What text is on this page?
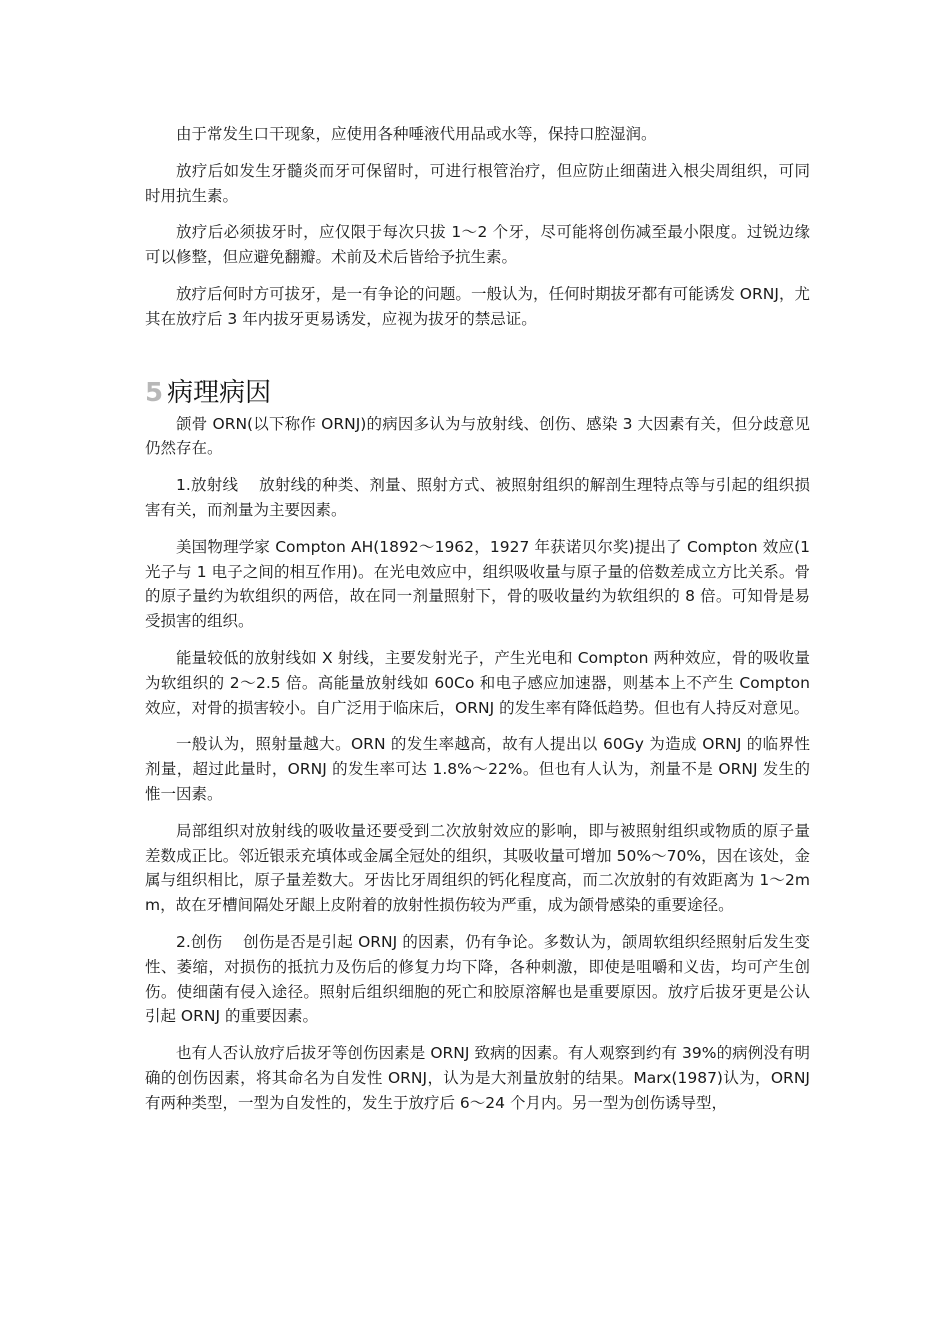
由于常发生口干现象，应使用各种唾液代用品或水等，保持口腔湿润。

放疗后如发生牙髓炎而牙可保留时，可进行根管治疗，但应防止细菌进入根尖周组织，可同时用抗生素。

放疗后必须拔牙时，应仅限于每次只拔 1～2 个牙，尽可能将创伤减至最小限度。过锐边缘可以修整，但应避免翻瓣。术前及术后皆给予抗生素。

放疗后何时方可拔牙，是一有争论的问题。一般认为，任何时期拔牙都有可能诱发 ORNJ，尤其在放疗后 3 年内拔牙更易诱发，应视为拔牙的禁忌证。

5 病理病因

颌骨 ORN(以下称作 ORNJ)的病因多认为与放射线、创伤、感染 3 大因素有关，但分歧意见仍然存在。

1.放射线　 放射线的种类、剂量、照射方式、被照射组织的解剖生理特点等与引起的组织损害有关，而剂量为主要因素。

美国物理学家 Compton AH(1892～1962，1927 年获诺贝尔奖)提出了 Compton 效应(1 光子与 1 电子之间的相互作用)。在光电效应中，组织吸收量与原子量的倍数差成立方比关系。骨的原子量约为软组织的两倍，故在同一剂量照射下，骨的吸收量约为软组织的 8 倍。可知骨是易受损害的组织。

能量较低的放射线如 X 射线，主要发射光子，产生光电和 Compton 两种效应，骨的吸收量为软组织的 2～2.5 倍。高能量放射线如 60Co 和电子感应加速器，则基本上不产生 Compton 效应，对骨的损害较小。自广泛用于临床后，ORNJ 的发生率有降低趋势。但也有人持反对意见。

一般认为，照射量越大。ORN 的发生率越高，故有人提出以 60Gy 为造成 ORNJ 的临界性剂量，超过此量时，ORNJ 的发生率可达 1.8%～22%。但也有人认为，剂量不是 ORNJ 发生的惟一因素。

局部组织对放射线的吸收量还要受到二次放射效应的影响，即与被照射组织或物质的原子量差数成正比。邻近银汞充填体或金属全冠处的组织，其吸收量可增加 50%～70%，因在该处，金属与组织相比，原子量差数大。牙齿比牙周组织的钙化程度高，而二次放射的有效距离为 1～2mm，故在牙槽间隔处牙龈上皮附着的放射性损伤较为严重，成为颌骨感染的重要途径。

2.创伤　 创伤是否是引起 ORNJ 的因素，仍有争论。多数认为，颌周软组织经照射后发生变性、萎缩，对损伤的抵抗力及伤后的修复力均下降，各种刺激，即使是咀嚼和义齿，均可产生创伤。使细菌有侵入途径。照射后组织细胞的死亡和胶原溶解也是重要原因。放疗后拔牙更是公认引起 ORNJ 的重要因素。

也有人否认放疗后拔牙等创伤因素是 ORNJ 致病的因素。有人观察到约有 39%的病例没有明确的创伤因素，将其命名为自发性 ORNJ，认为是大剂量放射的结果。Marx(1987)认为，ORNJ 有两种类型，一型为自发性的，发生于放疗后 6～24 个月内。另一型为创伤诱导型，
